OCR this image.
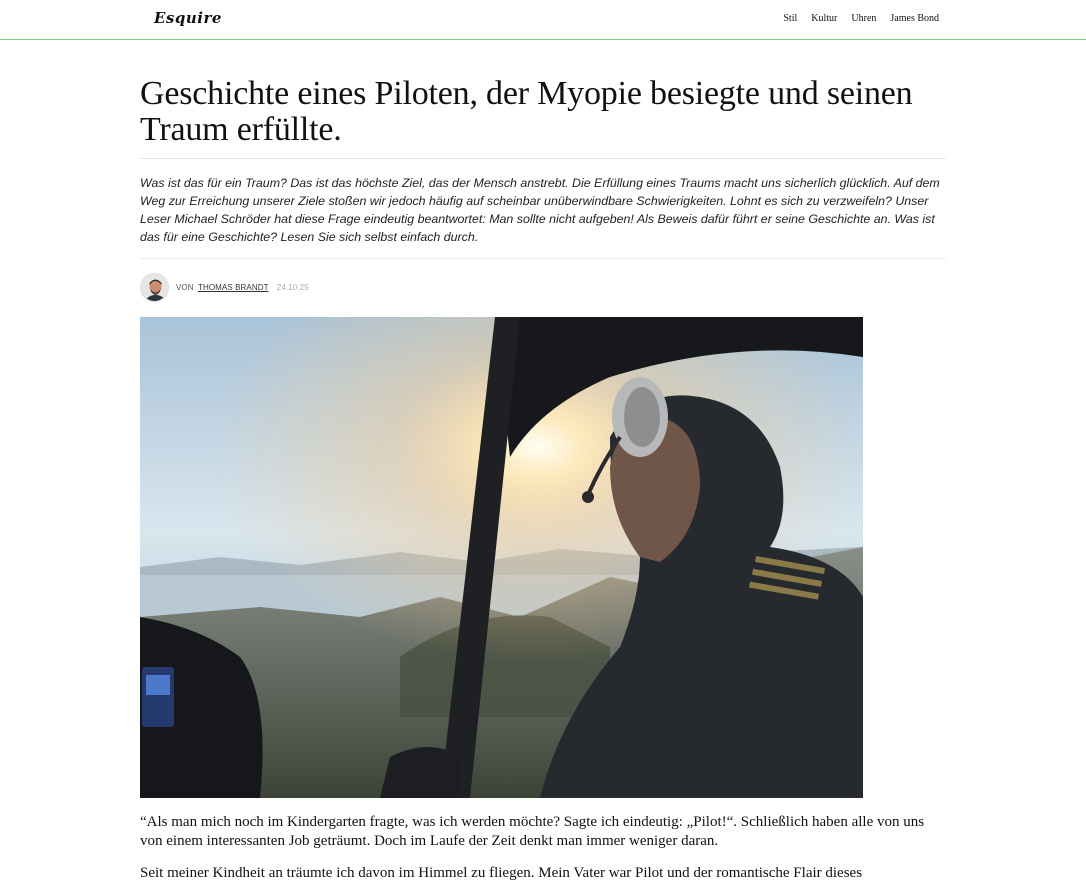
Esquire	Stil Kultur Uhren James Bond
Geschichte eines Piloten, der Myopie besiegte und seinen Traum erfüllte.

Was ist das für ein Traum? Das ist das höchste Ziel, das der Mensch anstrebt. Die Erfüllung eines Traums macht uns sicherlich glücklich. Auf dem Weg zur Erreichung unserer Ziele stoßen wir jedoch häufig auf scheinbar unüberwindbare Schwierigkeiten. Lohnt es sich zu verzweifeln? Unser Leser Michael Schröder hat diese Frage eindeutig beantwortet: Man sollte nicht aufgeben! Als Beweis dafür führt er seine Geschichte an. Was ist das für eine Geschichte? Lesen Sie sich selbst einfach durch.

VON THOMAS BRANDT 24.10.25

“Als man mich noch im Kindergarten fragte, was ich werden möchte? Sagte ich eindeutig: „Pilot!“. Schließlich haben alle von uns von einem interessanten Job geträumt. Doch im Laufe der Zeit denkt man immer weniger daran.

Seit meiner Kindheit an träumte ich davon im Himmel zu fliegen. Mein Vater war Pilot und der romantische Flair dieses
